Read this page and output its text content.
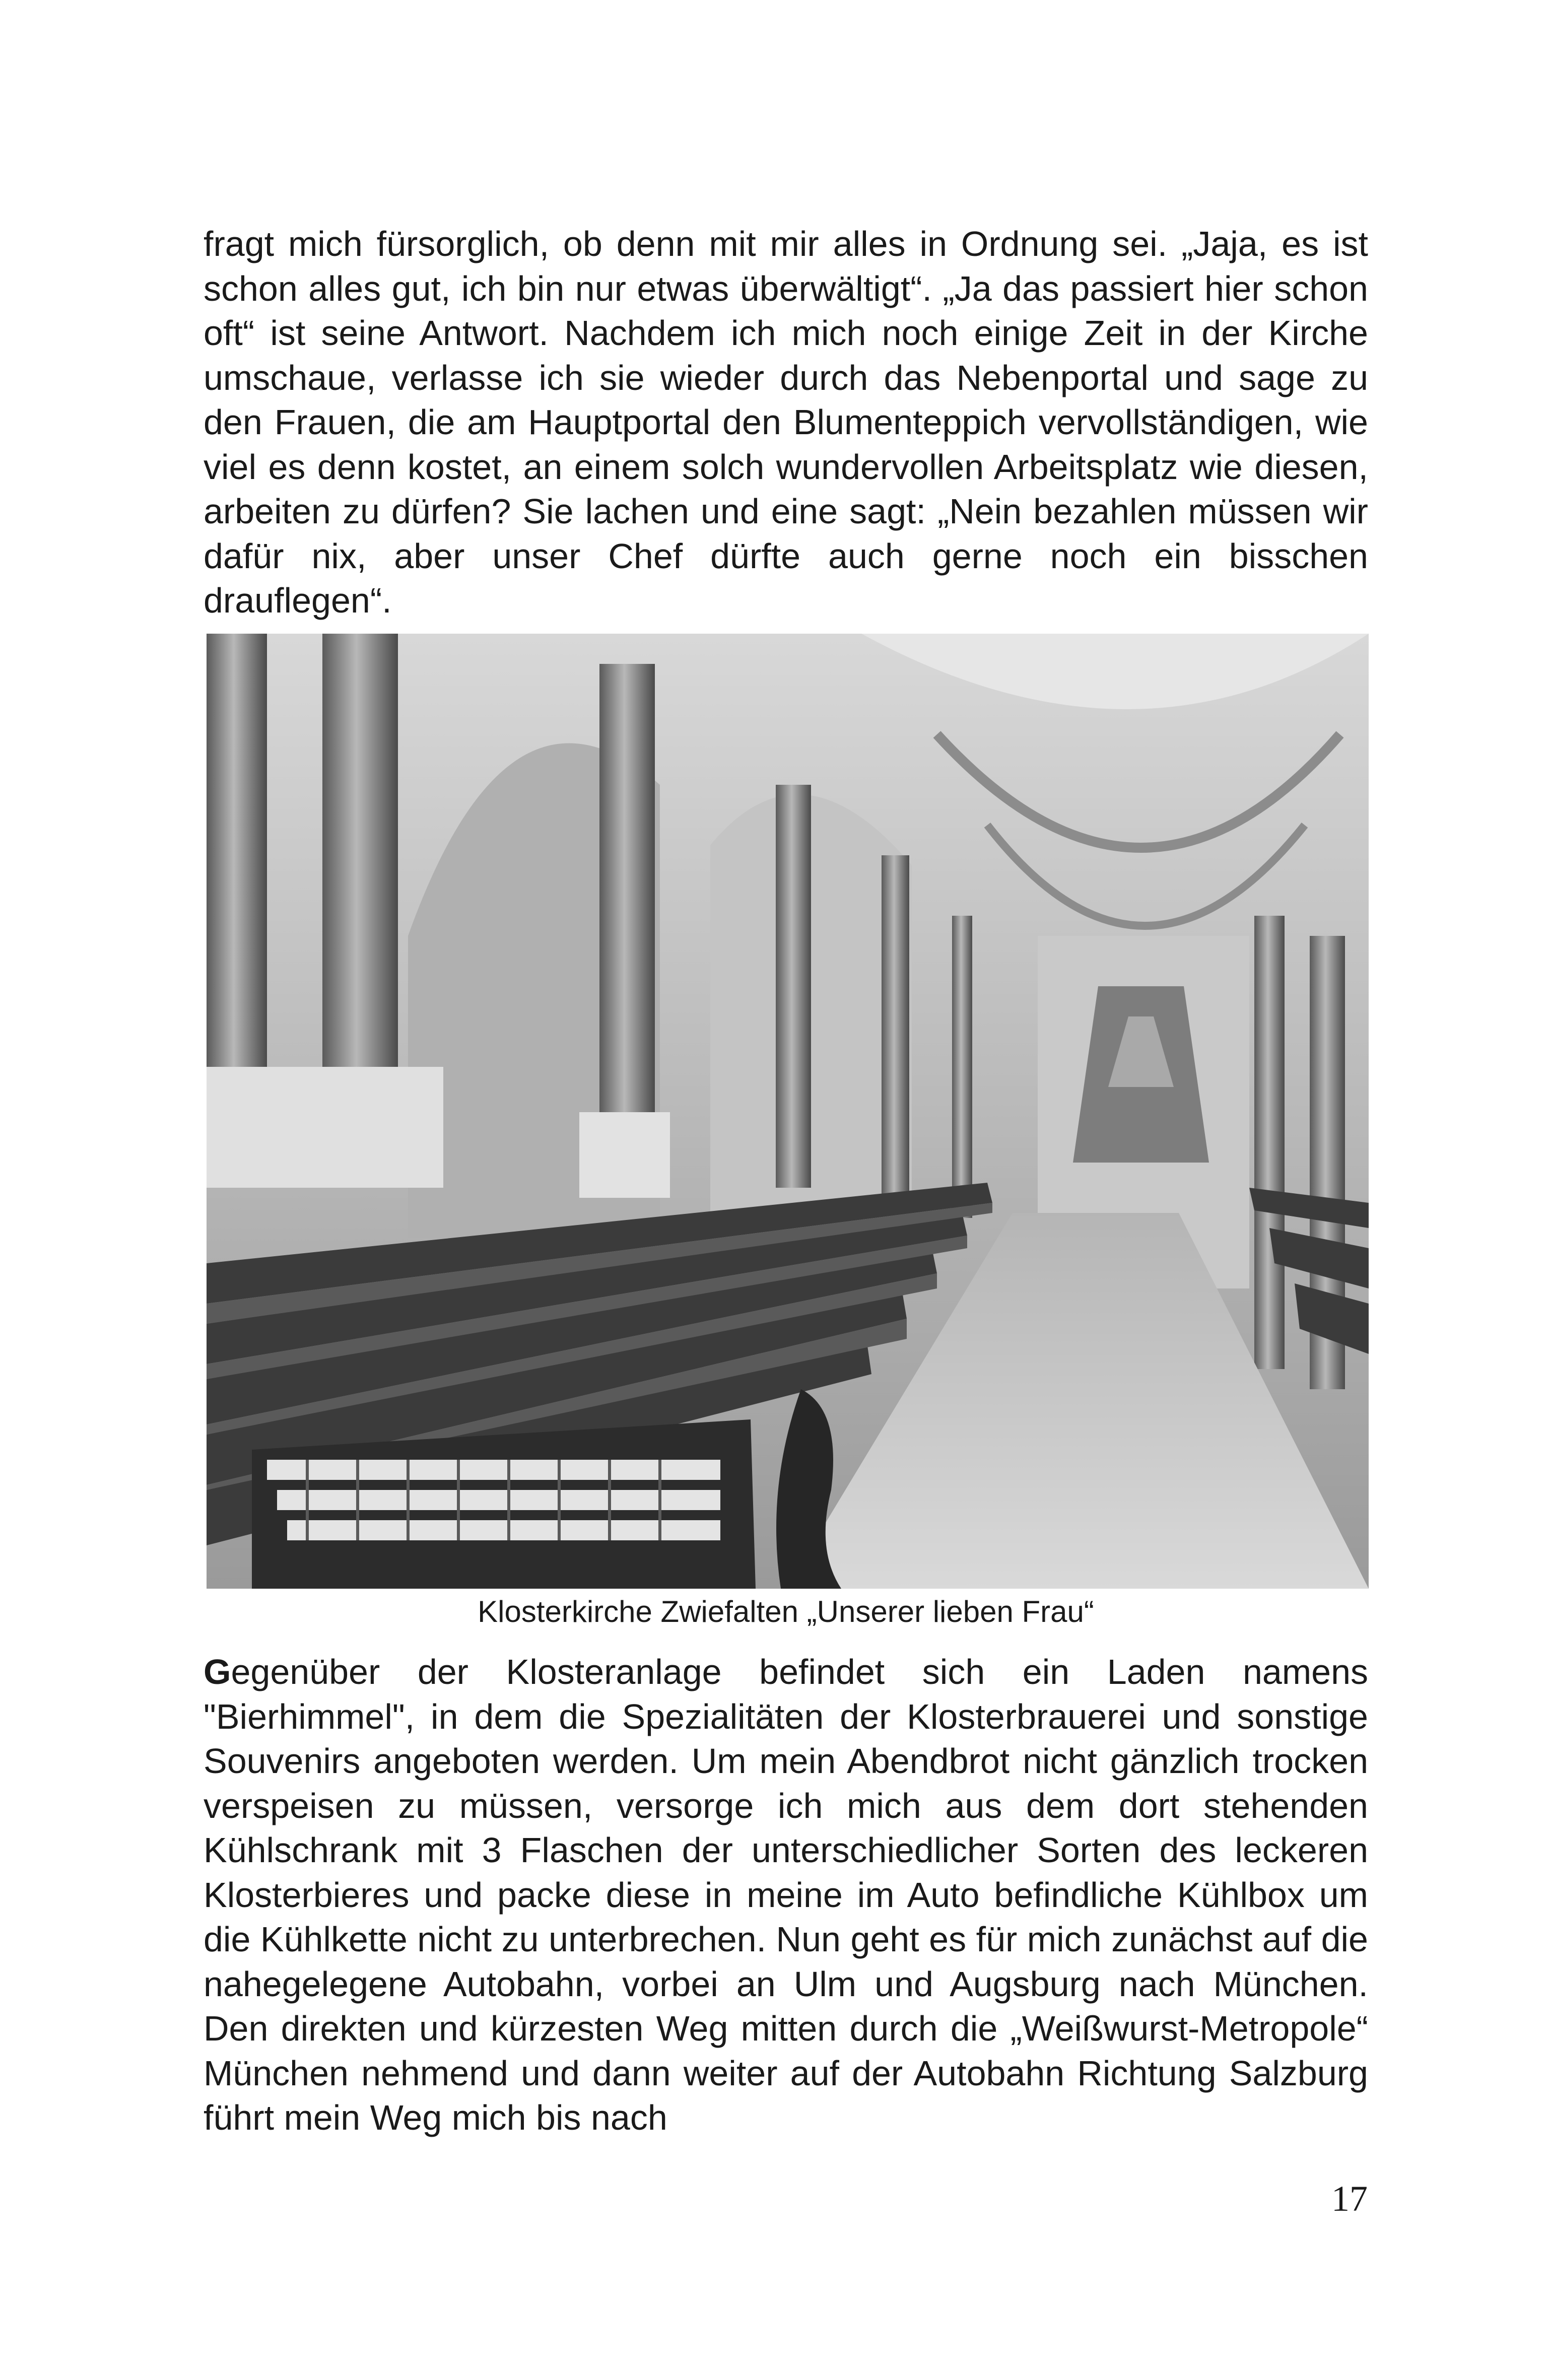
fragt mich fürsorglich, ob denn mit mir alles in Ordnung sei. „Jaja, es ist schon alles gut, ich bin nur etwas überwältigt“. „Ja das passiert hier schon oft“ ist seine Antwort. Nachdem ich mich noch einige Zeit in der Kirche umschaue, verlasse ich sie wieder durch das Nebenportal und sage zu den Frauen, die am Hauptportal den Blumenteppich vervollständigen, wie viel es denn kostet, an einem solch wundervollen Arbeitsplatz wie diesen, arbeiten zu dürfen? Sie lachen und eine sagt: „Nein bezahlen müssen wir dafür nix, aber unser Chef dürfte auch gerne noch ein bisschen drauflegen“.

Klosterkirche Zwiefalten „Unserer lieben Frau“

Gegenüber der Klosteranlage befindet sich ein Laden namens "Bierhimmel", in dem die Spezialitäten der Klosterbrauerei und sonstige Souvenirs angeboten werden. Um mein Abendbrot nicht gänzlich trocken verspeisen zu müssen, versorge ich mich aus dem dort stehenden Kühlschrank mit 3 Flaschen der unterschiedlicher Sorten des leckeren Klosterbieres und packe diese in meine im Auto befindliche Kühlbox um die Kühlkette nicht zu unterbrechen. Nun geht es für mich zunächst auf die nahegelegene Autobahn, vorbei an Ulm und Augsburg nach München. Den direkten und kürzesten Weg mitten durch die „Weißwurst-Metropole“ München nehmend und dann weiter auf der Autobahn Richtung Salzburg führt mein Weg mich bis nach

17
